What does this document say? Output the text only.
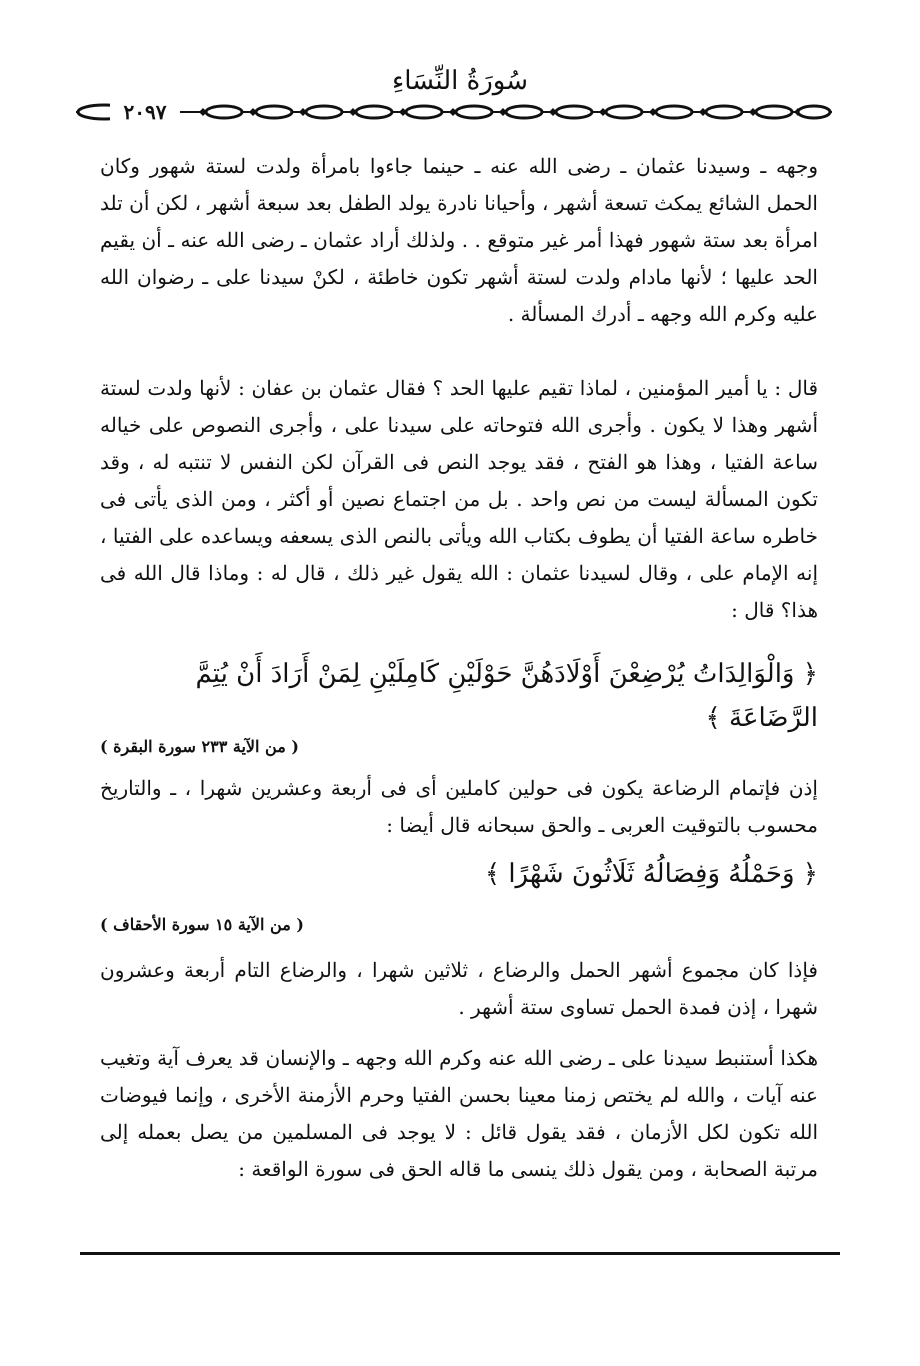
سُورَةُ النِّسَاءِ
٢٠٩٧
وجهه ـ وسيدنا عثمان ـ رضى الله عنه ـ حينما جاءوا بامرأة ولدت لستة شهور وكان الحمل الشائع يمكث تسعة أشهر ، وأحيانا نادرة يولد الطفل بعد سبعة أشهر ، لكن أن تلد امرأة بعد ستة شهور فهذا أمر غير متوقع . . ولذلك أراد عثمان ـ رضى الله عنه ـ أن يقيم الحد عليها ؛ لأنها مادام ولدت لستة أشهر تكون خاطئة ، لكنْ سيدنا على ـ رضوان الله عليه وكرم الله وجهه ـ أدرك المسألة .
قال : يا أمير المؤمنين ، لماذا تقيم عليها الحد ؟ فقال عثمان بن عفان : لأنها ولدت لستة أشهر وهذا لا يكون . وأجرى الله فتوحاته على سيدنا على ، وأجرى النصوص على خياله ساعة الفتيا ، وهذا هو الفتح ، فقد يوجد النص فى القرآن لكن النفس لا تنتبه له ، وقد تكون المسألة ليست من نص واحد . بل من اجتماع نصين أو أكثر ، ومن الذى يأتى فى خاطره ساعة الفتيا أن يطوف بكتاب الله ويأتى بالنص الذى يسعفه ويساعده على الفتيا ، إنه الإمام على ، وقال لسيدنا عثمان : الله يقول غير ذلك ، قال له : وماذا قال الله فى هذا؟ قال :
﴿ وَالْوَالِدَاتُ يُرْضِعْنَ أَوْلَادَهُنَّ حَوْلَيْنِ كَامِلَيْنِ لِمَنْ أَرَادَ أَنْ يُتِمَّ الرَّضَاعَةَ ﴾
( من الآية ٢٣٣ سورة البقرة )
إذن فإتمام الرضاعة يكون فى حولين كاملين أى فى أربعة وعشرين شهرا ، ـ والتاريخ محسوب بالتوقيت العربى ـ والحق سبحانه قال أيضا :
﴿ وَحَمْلُهُ وَفِصَالُهُ ثَلَاثُونَ شَهْرًا ﴾
( من الآية ١٥ سورة الأحقاف )
فإذا كان مجموع أشهر الحمل والرضاع ، ثلاثين شهرا ، والرضاع التام أربعة وعشرون شهرا ، إذن فمدة الحمل تساوى ستة أشهر .
هكذا أستنبط سيدنا على ـ رضى الله عنه وكرم الله وجهه ـ والإنسان قد يعرف آية وتغيب عنه آيات ، والله لم يختص زمنا معينا بحسن الفتيا وحرم الأزمنة الأخرى ، وإنما فيوضات الله تكون لكل الأزمان ، فقد يقول قائل : لا يوجد فى المسلمين من يصل بعمله إلى مرتبة الصحابة ، ومن يقول ذلك ينسى ما قاله الحق فى سورة الواقعة :
